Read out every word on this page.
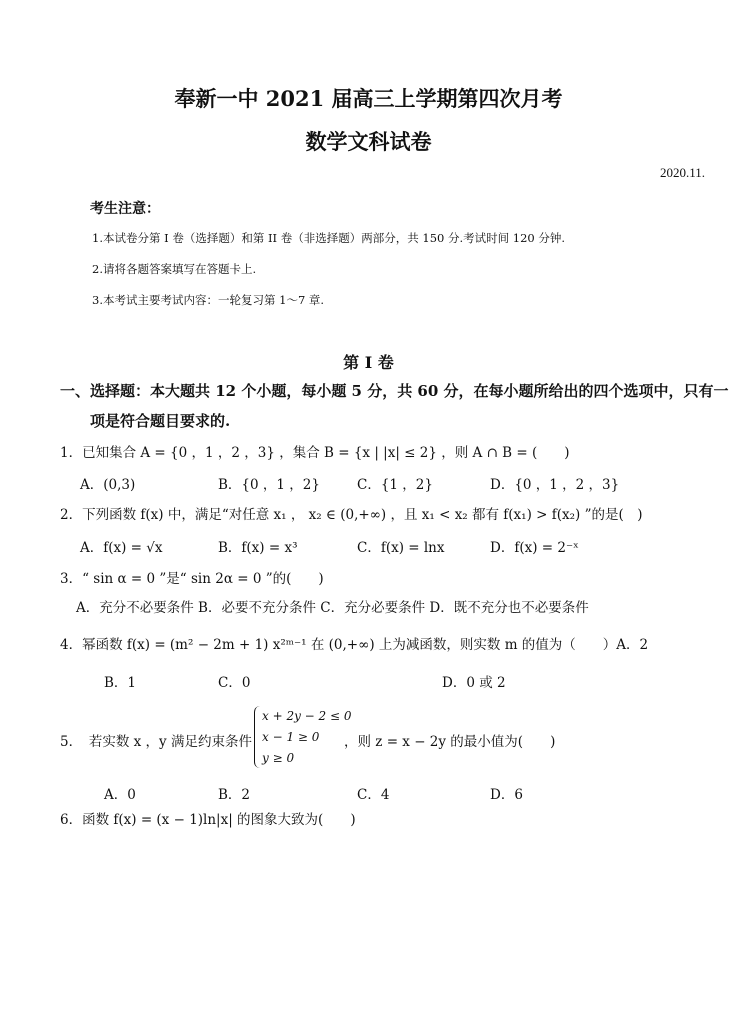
奉新一中 2021 届高三上学期第四次月考
数学文科试卷
2020.11.
考生注意：
1.本试卷分第 I 卷（选择题）和第 II 卷（非选择题）两部分，共 150 分.考试时间 120 分钟.
2.请将各题答案填写在答题卡上.
3.本考试主要考试内容：一轮复习第 1～7 章.
第 I 卷
一、选择题：本大题共 12 个小题，每小题 5 分，共 60 分，在每小题所给出的四个选项中，只有一
项是符合题目要求的.
1．已知集合 A = {0 ，1 ，2 ，3} ，集合 B = {x | |x| ≤ 2} ，则 A ∩ B = (　　)
A．(0,3)	B．{0 ，1 ，2}	C．{1 ，2}	D．{0 ，1 ，2 ，3}
2．下列函数 f(x) 中，满足“对任意 x₁ ， x₂ ∈ (0,+∞) ，且 x₁ < x₂ 都有 f(x₁) > f(x₂) ”的是(　)
A．f(x) = √x	B．f(x) = x³	C．f(x) = lnx	D．f(x) = 2⁻ˣ
3．“ sin α = 0 ”是“ sin 2α = 0 ”的(　　)
A．充分不必要条件 B．必要不充分条件 C．充分必要条件 D．既不充分也不必要条件
4．幂函数 f(x) = (m² − 2m + 1) x²ᵐ⁻¹ 在 (0,+∞) 上为减函数，则实数 m 的值为（　　）A．2
B．1	C．0	D．0 或 2
5．　若实数 x ，y 满足约束条件
x + 2y − 2 ≤ 0
x − 1 ≥ 0
y ≥ 0
，则 z = x − 2y 的最小值为(　　)
A．0	B．2	C．4	D．6
6．函数 f(x) = (x − 1)ln|x| 的图象大致为(　　)
